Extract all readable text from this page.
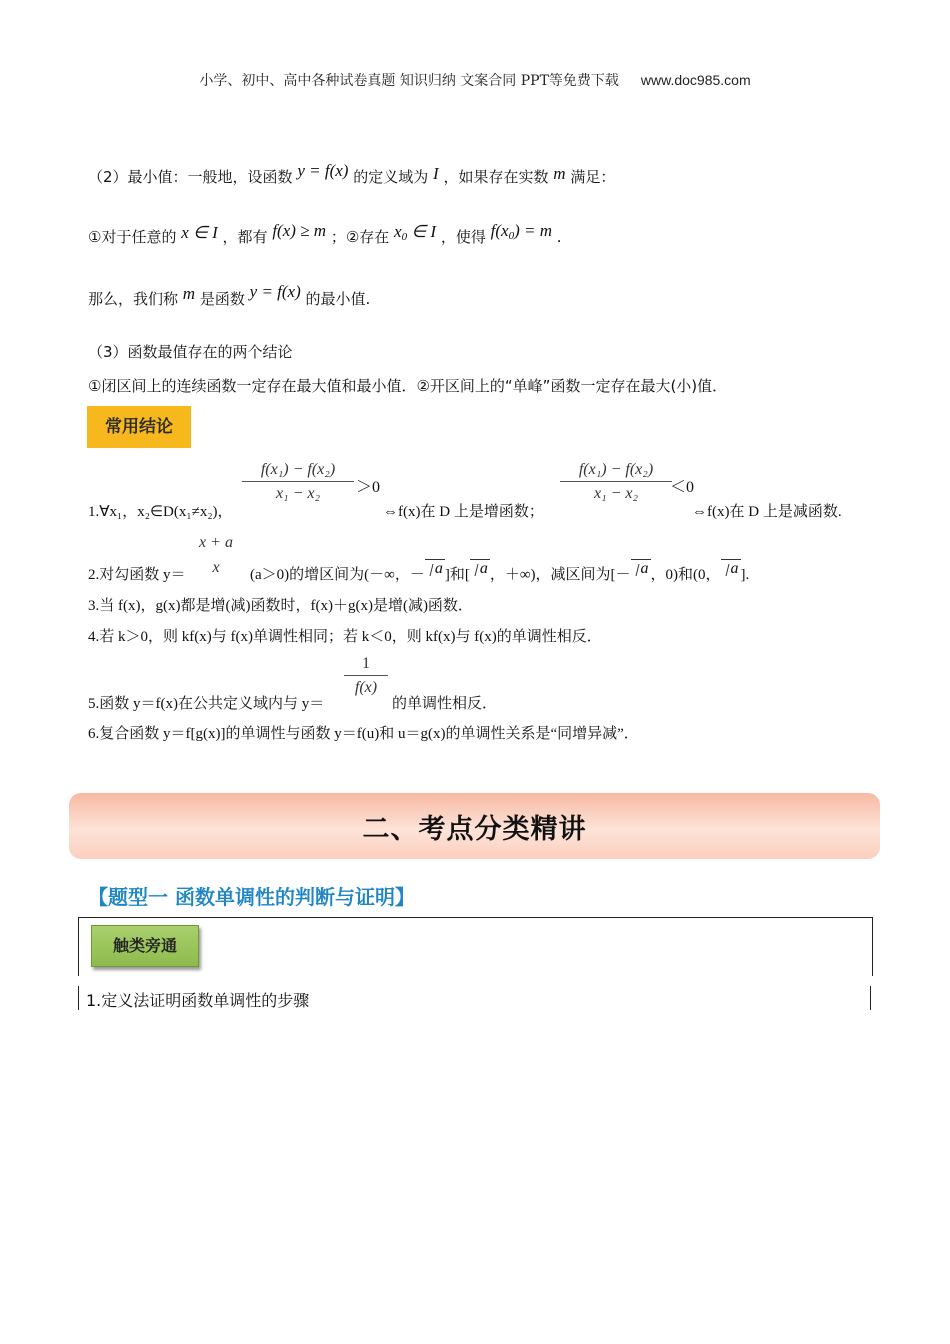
小学、初中、高中各种试卷真题 知识归纳 文案合同 PPT等免费下载 www.doc985.com
（2）最小值：一般地，设函数 y = f(x) 的定义域为 I ，如果存在实数 m 满足：
①对于任意的 x ∈ I ，都有 f(x) ≥ m ；②存在 $x_0$ ∈ I ，使得 $f(x_0) = m$ .
那么，我们称 m 是函数 y = f(x) 的最小值.
（3）函数最值存在的两个结论
①闭区间上的连续函数一定存在最大值和最小值．②开区间上的“单峰”函数一定存在最大(小)值．
常用结论
$\frac{\text{f(x₁) − f(x₂)}}{\text{x₁ − x₂}} >0$	$\frac{\text{f(x₁) − f(x₂)}}{\text{x₁ − x₂}}$
＜0
1.∀x₁，x₂∈D(x₁≠x₂)，	⇔f(x)在 D 上是增函数；	⇔f(x)在 D 上是减函数.
x + a
x
2.对勾函数 y＝	(a＞0)的增区间为(－∞，－ a ]和[ a ，＋∞)，减区间为[－ a ，0)和(0， a ].
3.当 f(x)，g(x)都是增(减)函数时，f(x)＋g(x)是增(减)函数．
4.若 k＞0，则 kf(x)与 f(x)单调性相同；若 k＜0，则 kf(x)与 f(x)的单调性相反．
$\frac{1}{f(x)}$
5.函数 y＝f(x)在公共定义域内与 y＝	的单调性相反．
6.复合函数 y＝f[g(x)]的单调性与函数 y＝f(u)和 u＝g(x)的单调性关系是“同增异减”．
二、考点分类精讲
【题型一 函数单调性的判断与证明】
触类旁通
1.定义法证明函数单调性的步骤
